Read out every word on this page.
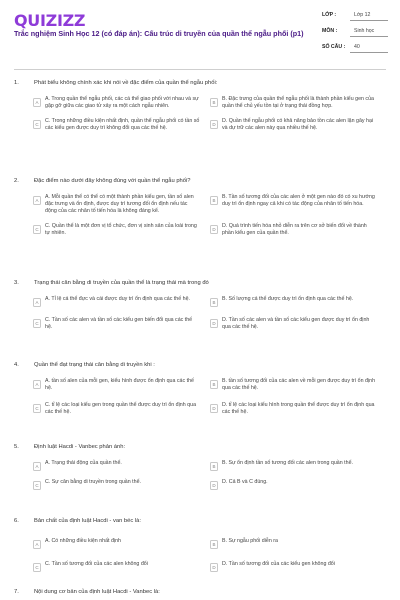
QUIZIZZ
Trắc nghiệm Sinh Học 12 (có đáp án): Cấu trúc di truyền của quần thể ngẫu phối (p1)
LỚP :	Lớp 12
MÔN :	Sinh học
SỐ CÂU :	40
1.	Phát biểu không chính xác khi nói về đặc điểm của quần thể ngẫu phối:
A
A. Trong quần thể ngẫu phối, các cá thể giao phối với nhau và sự gặp gỡ giữa các giao tử xảy ra một cách ngẫu nhiên.
B
B. Đặc trưng của quần thể ngẫu phối là thành phần kiểu gen của quần thể chủ yếu tồn tại ở trạng thái đồng hợp.
C
C. Trong những điều kiện nhất định, quần thể ngẫu phối có tần số các kiểu gen được duy trì không đổi qua các thế hệ.
D
D. Quần thể ngẫu phối có khả năng bảo tồn các alen lặn gây hại và dự trữ các alen này qua nhiều thế hệ.
2.	Đặc điểm nào dưới đây không đúng với quần thể ngẫu phối?
A
A. Mỗi quần thể có thể có một thành phần kiểu gen, tần số alen đặc trưng và ổn định, được duy trì tương đối ổn định nếu tác động của các nhân tố tiến hóa là không đáng kể.
B
B. Tần số tương đối của các alen ở một gen nào đó có xu hướng duy trì ổn định ngay cả khi có tác động của nhân tố tiến hóa.
C
C. Quần thể là một đơn vị tổ chức, đơn vị sinh sản của loài trong tự nhiên.
D
D. Quá trình tiến hóa nhỏ diễn ra trên cơ sở biến đổi về thành phần kiểu gen của quần thể.
3.	Trạng thái cân bằng di truyền của quần thể là trạng thái mà trong đó
A
A. Tỉ lệ cá thể đực và cái được duy trì ổn định qua các thế hệ.
B
B. Số lượng cá thể được duy trì ổn định qua các thế hệ.
C
C. Tần số các alen và tần số các kiểu gen biến đổi qua các thế hệ.
D
D. Tần số các alen và tần số các kiểu gen được duy trì ổn định qua các thế hệ.
4.	Quần thể đạt trạng thái cân bằng di truyền khi :
A
A. tần số alen của mỗi gen, kiểu hình được ổn định qua các thế hệ.
B
B. tần số tương đối của các alen về mỗi gen được duy trì ổn định qua các thế hệ.
C
C. tỉ lệ các loại kiểu gen trong quần thể được duy trì ổn định qua các thế hệ.
D
D. tỉ lệ các loại kiểu hình trong quần thể được duy trì ổn định qua các thế hệ.
5.	Định luật Hacdi - Vanbec phản ánh:
A
A. Trạng thái động của quần thể.
B
B. Sự ổn định tần số tương đối các alen trong quần thể.
C
C. Sự cân bằng di truyền trong quần thể.
D
D. Cả B và C đúng.
6.	Bản chất của định luật Hacdi - van béc là:
A
A. Có những điều kiện nhất định
B
B. Sự ngẫu phối diễn ra
C
C. Tần số tương đối của các alen không đổi
D
D. Tần số tương đối của các kiểu gen không đổi
7.	Nội dung cơ bản của định luật Hacdi - Vanbec là:
